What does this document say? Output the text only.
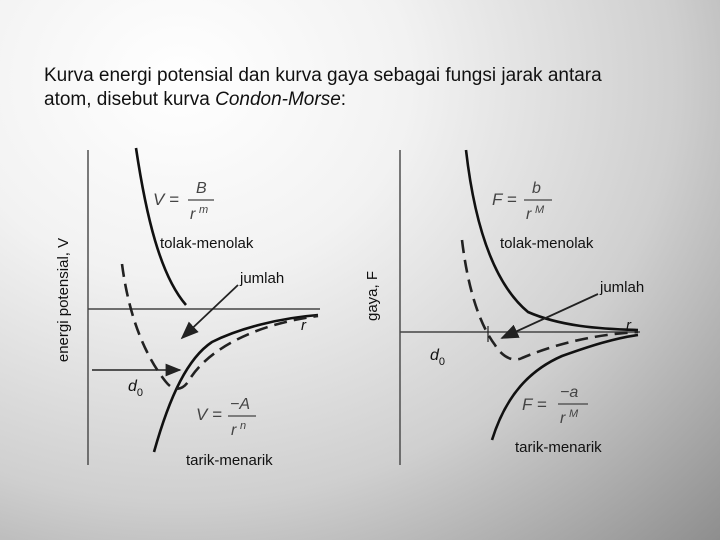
Kurva energi potensial dan kurva gaya sebagai fungsi jarak antara
atom, disebut kurva Condon-Morse:
energi potensial, V	r
tolak-menolak
jumlah
tarik-menarik
$d_0$
V =
B
r m
V =
−A
r n
gaya, F
r
tolak-menolak
jumlah
tarik-menarik
$d_0$
F =
b
r M
F =
−a
r M
